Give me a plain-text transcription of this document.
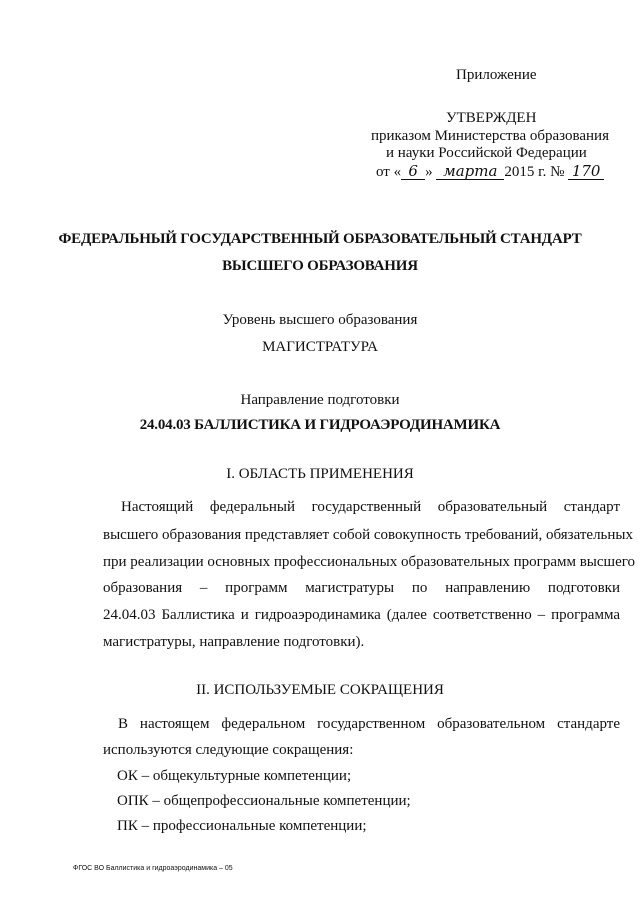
Приложение
УТВЕРЖДЕН
приказом Министерства образования
и науки Российской Федерации
от « 6 » марта 2015 г. № 170
ФЕДЕРАЛЬНЫЙ ГОСУДАРСТВЕННЫЙ ОБРАЗОВАТЕЛЬНЫЙ СТАНДАРТ
ВЫСШЕГО ОБРАЗОВАНИЯ
Уровень высшего образования
МАГИСТРАТУРА
Направление подготовки
24.04.03 БАЛЛИСТИКА И ГИДРОАЭРОДИНАМИКА
I. ОБЛАСТЬ ПРИМЕНЕНИЯ
Настоящий федеральный государственный образовательный стандарт
высшего образования представляет собой совокупность требований, обязательных
при реализации основных профессиональных образовательных программ высшего
образования – программ магистратуры по направлению подготовки
24.04.03 Баллистика и гидроаэродинамика (далее соответственно – программа
магистратуры, направление подготовки).
II. ИСПОЛЬЗУЕМЫЕ СОКРАЩЕНИЯ
В настоящем федеральном государственном образовательном стандарте
используются следующие сокращения:
ОК – общекультурные компетенции;
ОПК – общепрофессиональные компетенции;
ПК – профессиональные компетенции;
ФГОС ВО Баллистика и гидроаэродинамика – 05
